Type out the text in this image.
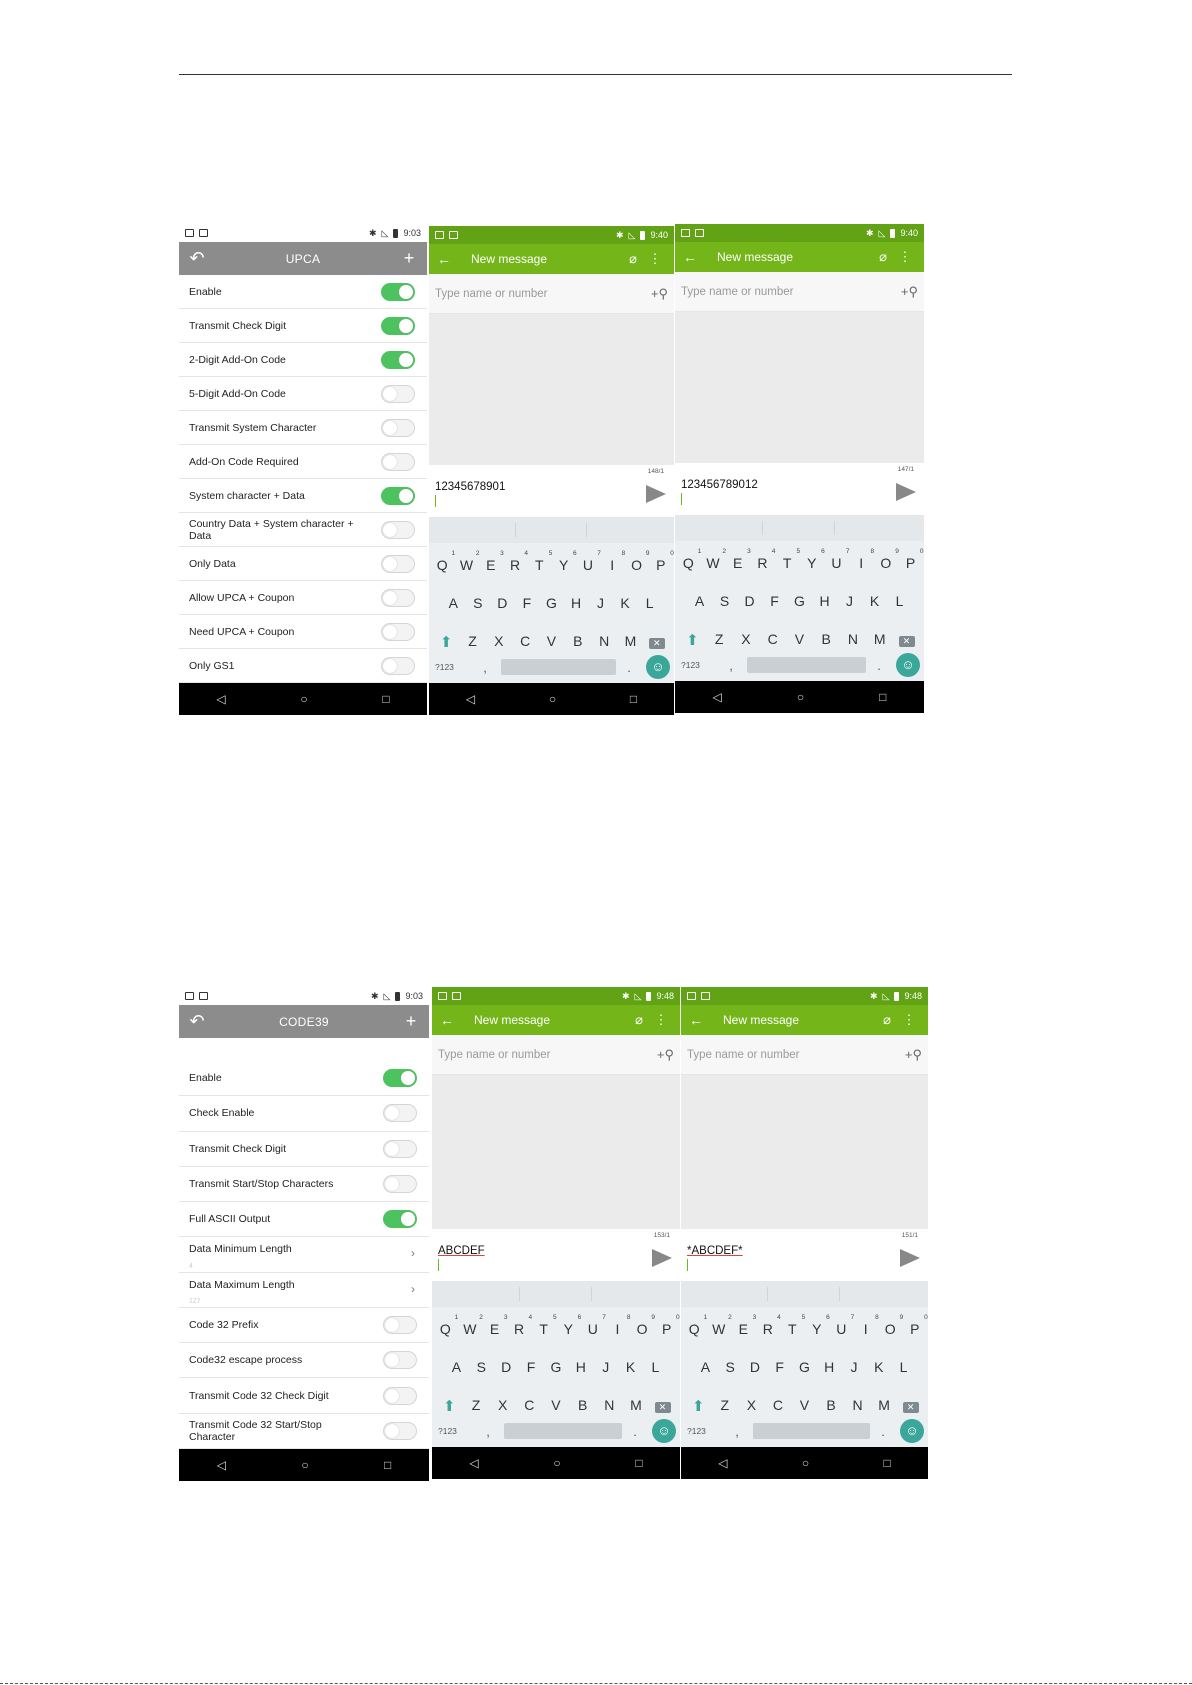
✱ ◺ 9:03
↶	UPCA	+
Enable
Transmit Check Digit
2-Digit Add-On Code
5-Digit Add-On Code
Transmit System Character
Add-On Code Required
System character + Data
Country Data + System character + Data
Only Data
Allow UPCA + Coupon
Need UPCA + Coupon
Only GS1
◁	○	□
✱ ◺ 9:40
←	New message	⌀ ⋮
Type name or number	+⚲
148/1
12345678901
Q
1
W
2
E
3
R
4
T
5
Y
6
U
7
I
8
O
9
P
0
A	S	D	F	G	H	J	K	L
⬆	Z	X	C	V	B	N	M	✕
?123	,	.	☺
◁	○	□
✱ ◺ 9:40
←	New message	⌀ ⋮
Type name or number	+⚲
147/1
123456789012
Q
1
W
2
E
3
R
4
T
5
Y
6
U
7
I
8
O
9
P
0
A	S	D	F	G	H	J	K	L
⬆	Z	X	C	V	B	N	M	✕
?123	,	.	☺
◁	○	□
✱ ◺ 9:03
↶	CODE39	+
Enable
Check Enable
Transmit Check Digit
Transmit Start/Stop Characters
Full ASCII Output
Data Minimum Length
4
›
Data Maximum Length
127
›
Code 32 Prefix
Code32 escape process
Transmit Code 32 Check Digit
Transmit Code 32 Start/Stop Character
◁	○	□
✱ ◺ 9:48
←	New message	⌀ ⋮
Type name or number	+⚲
153/1
ABCDEF
Q
1
W
2
E
3
R
4
T
5
Y
6
U
7
I
8
O
9
P
0
A	S	D	F	G	H	J	K	L
⬆	Z	X	C	V	B	N	M	✕
?123	,	.	☺
◁	○	□
✱ ◺ 9:48
←	New message	⌀ ⋮
Type name or number	+⚲
151/1
*ABCDEF*
Q
1
W
2
E
3
R
4
T
5
Y
6
U
7
I
8
O
9
P
0
A	S	D	F	G	H	J	K	L
⬆	Z	X	C	V	B	N	M	✕
?123	,	.	☺
◁	○	□
